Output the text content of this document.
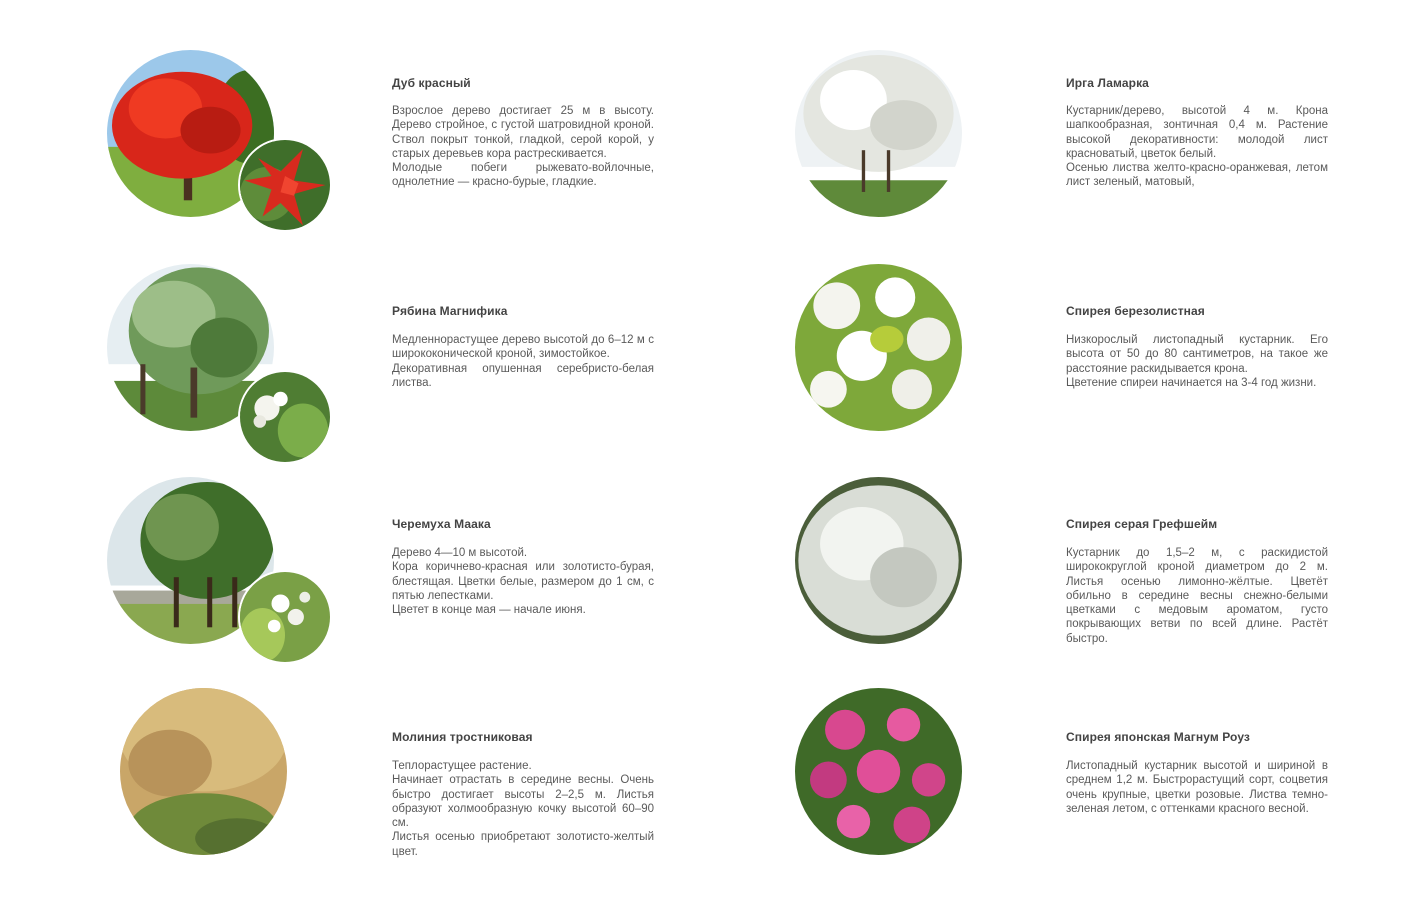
Дуб красный

Взрослое дерево достигает 25 м в высоту. Дерево стройное, с густой шатровидной кроной. Ствол покрыт тонкой, гладкой, серой корой, у старых деревьев кора растрескивается.

Молодые побеги рыжевато-войлочные, однолетние — красно-бурые, гладкие.

Рябина Магнифика

Медленнорастущее дерево высотой до 6–12 м с ширококонической кроной, зимостойкое.

Декоративная опушенная серебристо-белая листва.

Черемуха Маака

Дерево 4—10 м высотой.

Кора коричнево-красная или золотисто-бурая, блестящая. Цветки белые, размером до 1 см, с пятью лепестками.

Цветет в конце мая — начале июня.

Молиния тростниковая

Теплорастущее растение.

Начинает отрастать в середине весны. Очень быстро достигает высоты 2–2,5 м. Листья образуют холмообразную кочку высотой 60–90 см.

Листья осенью приобретают золотисто-желтый цвет.

Ирга Ламарка

Кустарник/дерево, высотой 4 м. Крона шапкообразная, зонтичная 0,4 м. Растение высокой декоративности: молодой лист красноватый, цветок белый.

Осенью листва желто-красно-оранжевая, летом лист зеленый, матовый,

Спирея березолистная

Низкорослый листопадный кустарник. Его высота от 50 до 80 сантиметров, на такое же расстояние раскидывается крона.

Цветение спиреи начинается на 3-4 год жизни.

Спирея серая Грефшейм

Кустарник до 1,5–2 м, с раскидистой ширококруглой кроной диаметром до 2 м. Листья осенью лимонно-жёлтые. Цветёт обильно в середине весны снежно-белыми цветками с медовым ароматом, густо покрывающих ветви по всей длине. Растёт быстро.

Спирея японская Магнум Роуз

Листопадный кустарник высотой и шириной в среднем 1,2 м. Быстрорастущий сорт, соцветия очень крупные, цветки розовые. Листва темно-зеленая летом, с оттенками красного весной.
